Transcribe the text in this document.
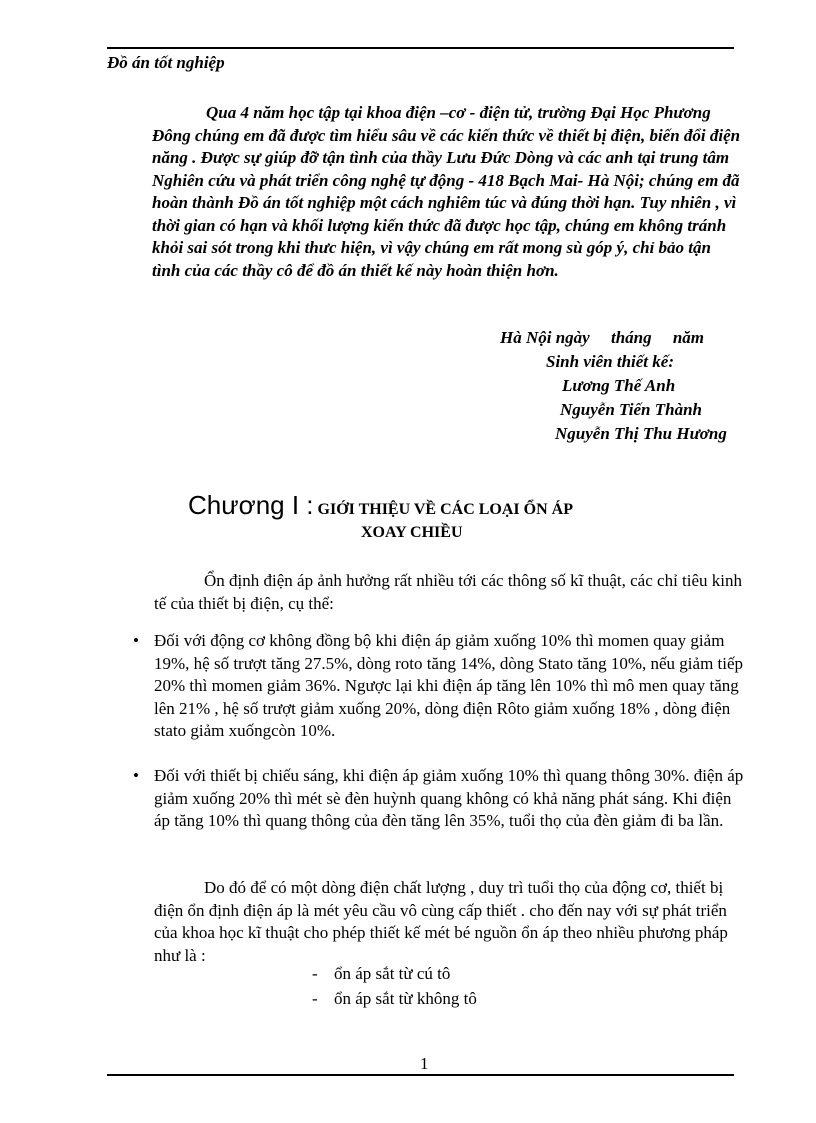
Đồ án tốt nghiệp

Qua 4 năm học tập tại khoa điện –cơ - điện tử, trường Đại Học Phương Đông chúng em đã được tìm hiểu sâu về các kiến thức về thiết bị điện, biến đổi điện năng . Được sự giúp đỡ tận tình của thầy Lưu Đức Dòng và các anh tại trung tâm Nghiên cứu và phát triển công nghệ tự động - 418 Bạch Mai- Hà Nội; chúng em đã hoàn thành Đồ án tốt nghiệp một cách nghiêm túc và đúng thời hạn. Tuy nhiên , vì thời gian có hạn và khối lượng kiến thức đã được học tập, chúng em không tránh khỏi sai sót trong khi thưc hiện, vì vậy chúng em rất mong sù góp ý, chỉ bảo tận tình của các thầy cô để đồ án thiết kế này hoàn thiện hơn.

Hà Nội ngày     tháng     năm
Sinh viên thiết kế:
Lương Thế Anh
Nguyễn Tiến Thành
Nguyễn Thị Thu Hương
Chương I : GIỚI THIỆU VỀ CÁC LOẠI ỔN ÁP
XOAY CHIỀU
Ổn định điện áp ảnh hưởng rất nhiều tới các thông số kĩ thuật, các chỉ tiêu kinh tế của thiết bị điện, cụ thể:
• Đối với động cơ không đồng bộ khi điện áp giảm xuống 10% thì momen quay giảm 19%, hệ số trượt tăng 27.5%, dòng roto tăng 14%, dòng Stato tăng 10%, nếu giảm tiếp 20% thì momen giảm 36%. Ngược lại khi điện áp tăng lên 10% thì mô men quay tăng lên 21% , hệ số trượt giảm xuống 20%, dòng điện Rôto giảm xuống 18% , dòng điện stato giảm xuốngcòn 10%.
• Đối với thiết bị chiếu sáng, khi điện áp giảm xuống 10% thì quang thông 30%. điện áp giảm xuống 20% thì mét sè đèn huỳnh quang không có khả năng phát sáng. Khi điện áp tăng 10% thì quang thông của đèn tăng lên 35%, tuổi thọ của đèn giảm đi ba lần.
Do đó để có một dòng điện chất lượng , duy trì tuổi thọ của động cơ, thiết bị điện ổn định điện áp là mét yêu cầu vô cùng cấp thiết . cho đến nay với sự phát triển của khoa học kĩ thuật cho phép thiết kế mét bé nguồn ổn áp theo nhiều phương pháp như là :
- ổn áp sắt từ cú tô
- ổn áp sắt từ không tô
1
